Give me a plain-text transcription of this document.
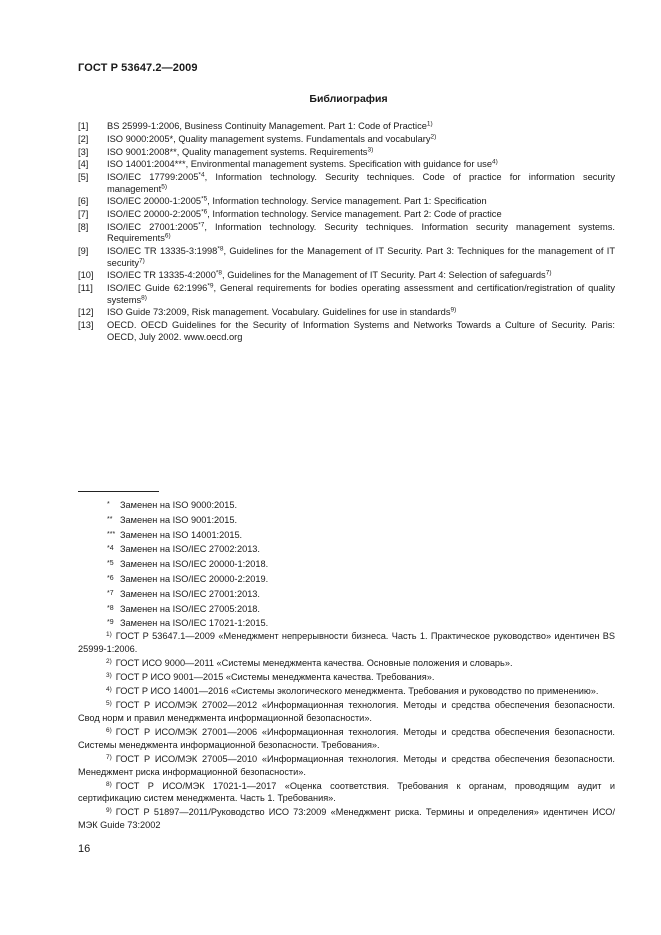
ГОСТ Р 53647.2—2009
Библиография
[1]	BS 25999-1:2006, Business Continuity Management. Part 1: Code of Practice$^{1)}$
[2]	ISO 9000:2005*, Quality management systems. Fundamentals and vocabulary$^{2)}$
[3]	ISO 9001:2008**, Quality management systems. Requirements$^{3)}$
[4]	ISO 14001:2004***, Environmental management systems. Specification with guidance for use$^{4)}$
[5]	ISO/IEC 17799:2005$^{*4}$, Information technology. Security techniques. Code of practice for information security management$^{5)}$
[6]	ISO/IEC 20000-1:2005$^{*5}$, Information technology. Service management. Part 1: Specification
[7]	ISO/IEC 20000-2:2005$^{*6}$, Information technology. Service management. Part 2: Code of practice
[8]	ISO/IEC 27001:2005$^{*7}$, Information technology. Security techniques. Information security management systems. Requirements$^{6)}$
[9]	ISO/IEC TR 13335-3:1998$^{*8}$, Guidelines for the Management of IT Security. Part 3: Techniques for the management of IT security$^{7)}$
[10]	ISO/IEC TR 13335-4:2000$^{*8}$, Guidelines for the Management of IT Security. Part 4: Selection of safeguards$^{7)}$
[11]	ISO/IEC Guide 62:1996$^{*9}$, General requirements for bodies operating assessment and certification/registration of quality systems$^{8)}$
[12]	ISO Guide 73:2009, Risk management. Vocabulary. Guidelines for use in standards$^{9)}$
[13]	OECD. OECD Guidelines for the Security of Information Systems and Networks Towards a Culture of Security. Paris: OECD, July 2002. www.oecd.org
* Заменен на ISO 9000:2015.
** Заменен на ISO 9001:2015.
*** Заменен на ISO 14001:2015.
*4 Заменен на ISO/IEC 27002:2013.
*5 Заменен на ISO/IEC 20000-1:2018.
*6 Заменен на ISO/IEC 20000-2:2019.
*7 Заменен на ISO/IEC 27001:2013.
*8 Заменен на ISO/IEC 27005:2018.
*9 Заменен на ISO/IEC 17021-1:2015.
$^{1)}$ ГОСТ Р 53647.1—2009 «Менеджмент непрерывности бизнеса. Часть 1. Практическое руководство» идентичен BS 25999-1:2006.
$^{2)}$ ГОСТ ИСО 9000—2011 «Системы менеджмента качества. Основные положения и словарь».
$^{3)}$ ГОСТ Р ИСО 9001—2015 «Системы менеджмента качества. Требования».
$^{4)}$ ГОСТ Р ИСО 14001—2016 «Системы экологического менеджмента. Требования и руководство по применению».
$^{5)}$ ГОСТ Р ИСО/МЭК 27002—2012 «Информационная технология. Методы и средства обеспечения безопасности. Свод норм и правил менеджмента информационной безопасности».
$^{6)}$ ГОСТ Р ИСО/МЭК 27001—2006 «Информационная технология. Методы и средства обеспечения безопасности. Системы менеджмента информационной безопасности. Требования».
$^{7)}$ ГОСТ Р ИСО/МЭК 27005—2010 «Информационная технология. Методы и средства обеспечения безопасности. Менеджмент риска информационной безопасности».
$^{8)}$ ГОСТ Р ИСО/МЭК 17021-1—2017 «Оценка соответствия. Требования к органам, проводящим аудит и сертификацию систем менеджмента. Часть 1. Требования».
$^{9)}$ ГОСТ Р 51897—2011/Руководство ИСО 73:2009 «Менеджмент риска. Термины и определения» идентичен ИСО/МЭК Guide 73:2002
16
